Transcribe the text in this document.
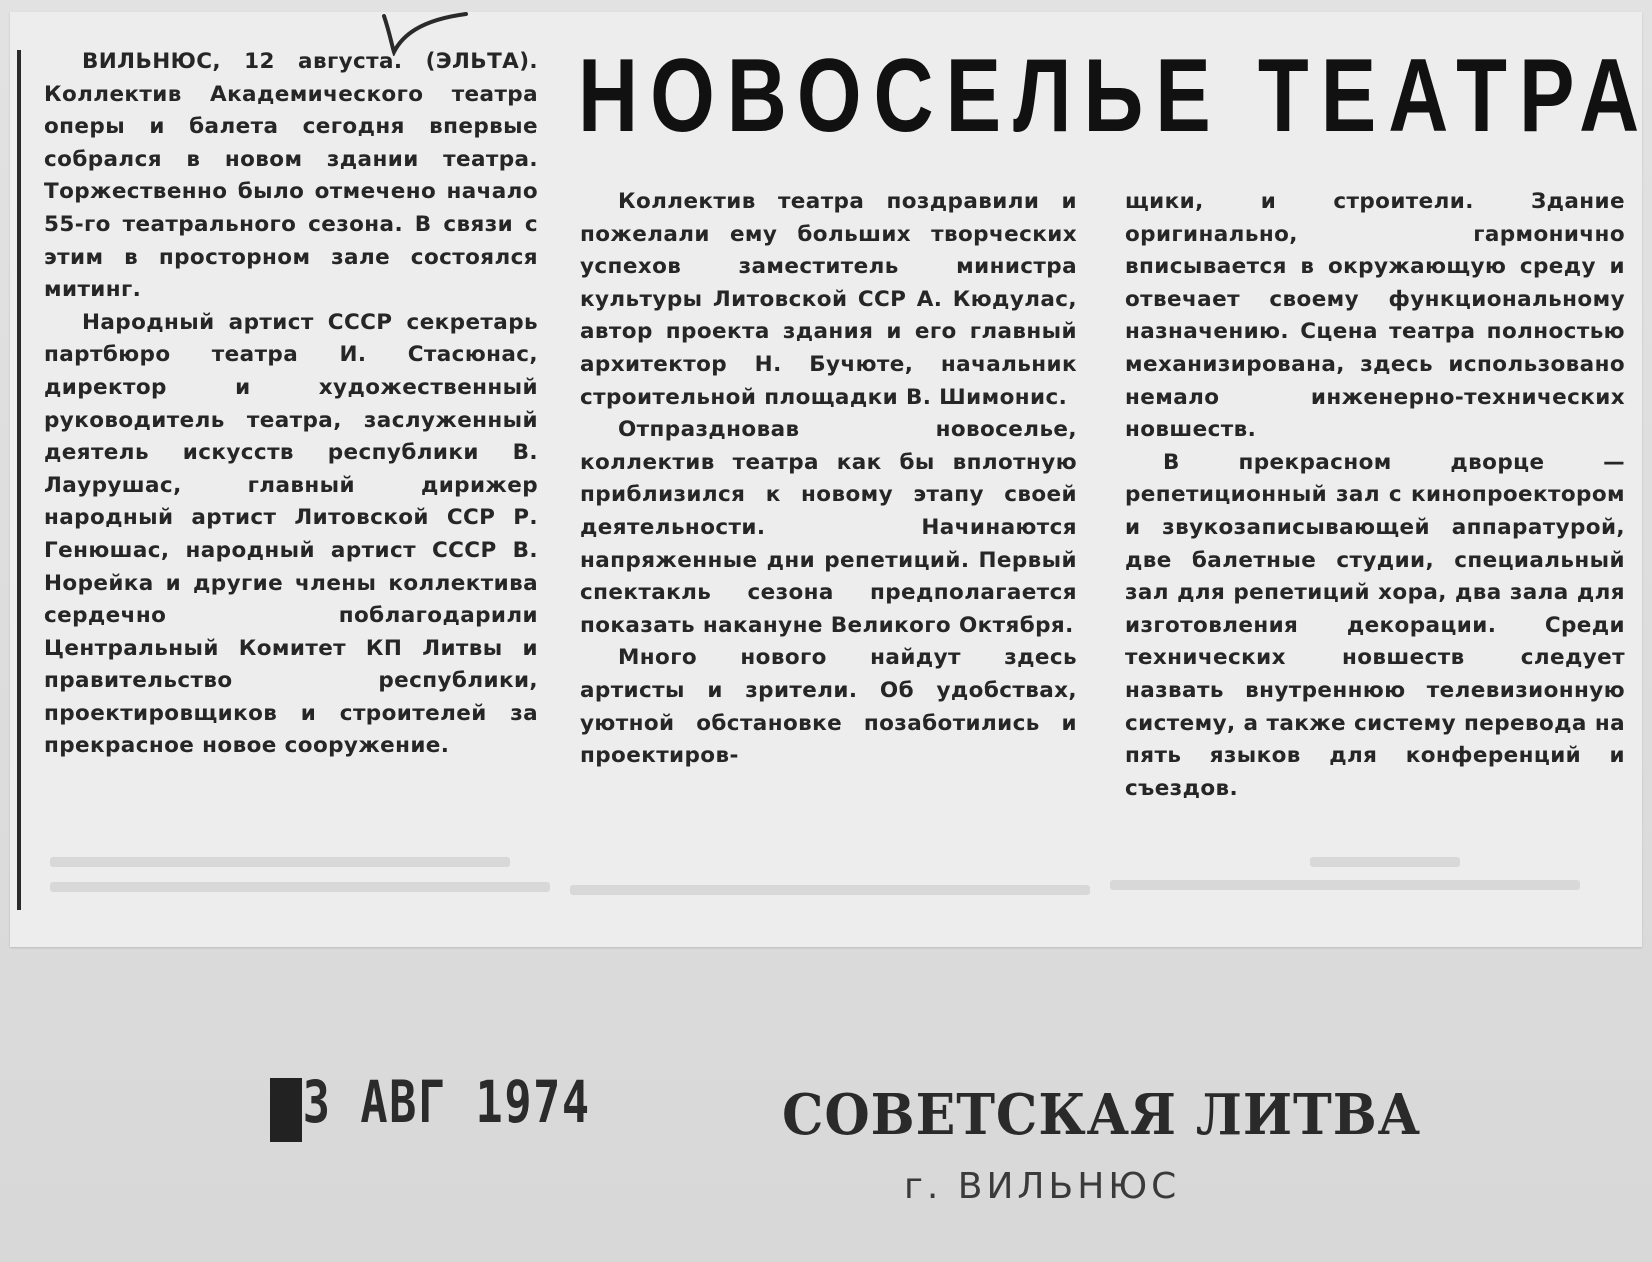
НОВОСЕЛЬЕ ТЕАТРА

ВИЛЬНЮС, 12 августа. (ЭЛЬТА). Коллектив Академического театра оперы и балета сегодня впервые собрался в новом здании театра. Торжественно было отмечено начало 55-го театрального сезона. В связи с этим в просторном зале состоялся митинг.

Народный артист СССР секретарь партбюро театра И. Стасюнас, директор и художественный руководитель театра, заслуженный деятель искусств республики В. Лаурушас, главный дирижер народный артист Литовской ССР Р. Генюшас, народный артист СССР В. Норейка и другие члены коллектива сердечно поблагодарили Центральный Комитет КП Литвы и правительство республики, проектировщиков и строителей за прекрасное новое сооружение.

Коллектив театра поздравили и пожелали ему больших творческих успехов заместитель министра культуры Литовской ССР А. Кюдулас, автор проекта здания и его главный архитектор Н. Бучюте, начальник строительной площадки В. Шимонис.

Отпраздновав новоселье, коллектив театра как бы вплотную приблизился к новому этапу своей деятельности. Начинаются напряженные дни репетиций. Первый спектакль сезона предполагается показать накануне Великого Октября.

Много нового найдут здесь артисты и зрители. Об удобствах, уютной обстановке позаботились и проектиров-

щики, и строители. Здание оригинально, гармонично вписывается в окружающую среду и отвечает своему функциональному назначению. Сцена театра полностью механизирована, здесь использовано немало инженерно-технических новшеств.

В прекрасном дворце — репетиционный зал с кинопроектором и звукозаписывающей аппаратурой, две балетные студии, специальный зал для репетиций хора, два зала для изготовления декорации. Среди технических новшеств следует назвать внутреннюю телевизионную систему, а также систему перевода на пять языков для конференций и съездов.

3 АВГ 1974	СОВЕТСКАЯ ЛИТВА
г. ВИЛЬНЮС
